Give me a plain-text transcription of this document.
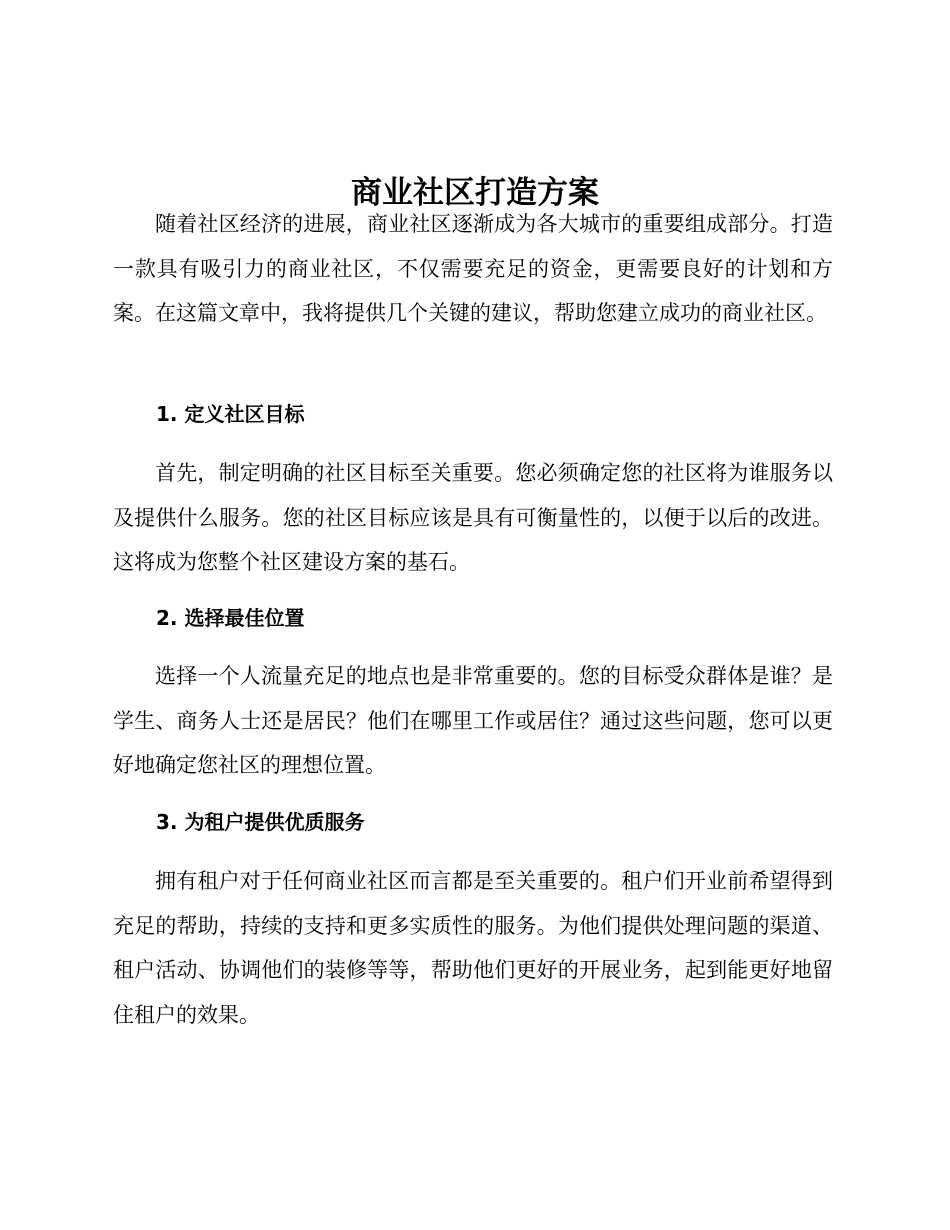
商业社区打造方案

随着社区经济的进展，商业社区逐渐成为各大城市的重要组成部分。打造一款具有吸引力的商业社区，不仅需要充足的资金，更需要良好的计划和方案。在这篇文章中，我将提供几个关键的建议，帮助您建立成功的商业社区。

1. 定义社区目标

首先，制定明确的社区目标至关重要。您必须确定您的社区将为谁服务以及提供什么服务。您的社区目标应该是具有可衡量性的，以便于以后的改进。这将成为您整个社区建设方案的基石。

2. 选择最佳位置

选择一个人流量充足的地点也是非常重要的。您的目标受众群体是谁？是学生、商务人士还是居民？他们在哪里工作或居住？通过这些问题，您可以更好地确定您社区的理想位置。

3. 为租户提供优质服务

拥有租户对于任何商业社区而言都是至关重要的。租户们开业前希望得到充足的帮助，持续的支持和更多实质性的服务。为他们提供处理问题的渠道、租户活动、协调他们的装修等等，帮助他们更好的开展业务，起到能更好地留住租户的效果。
